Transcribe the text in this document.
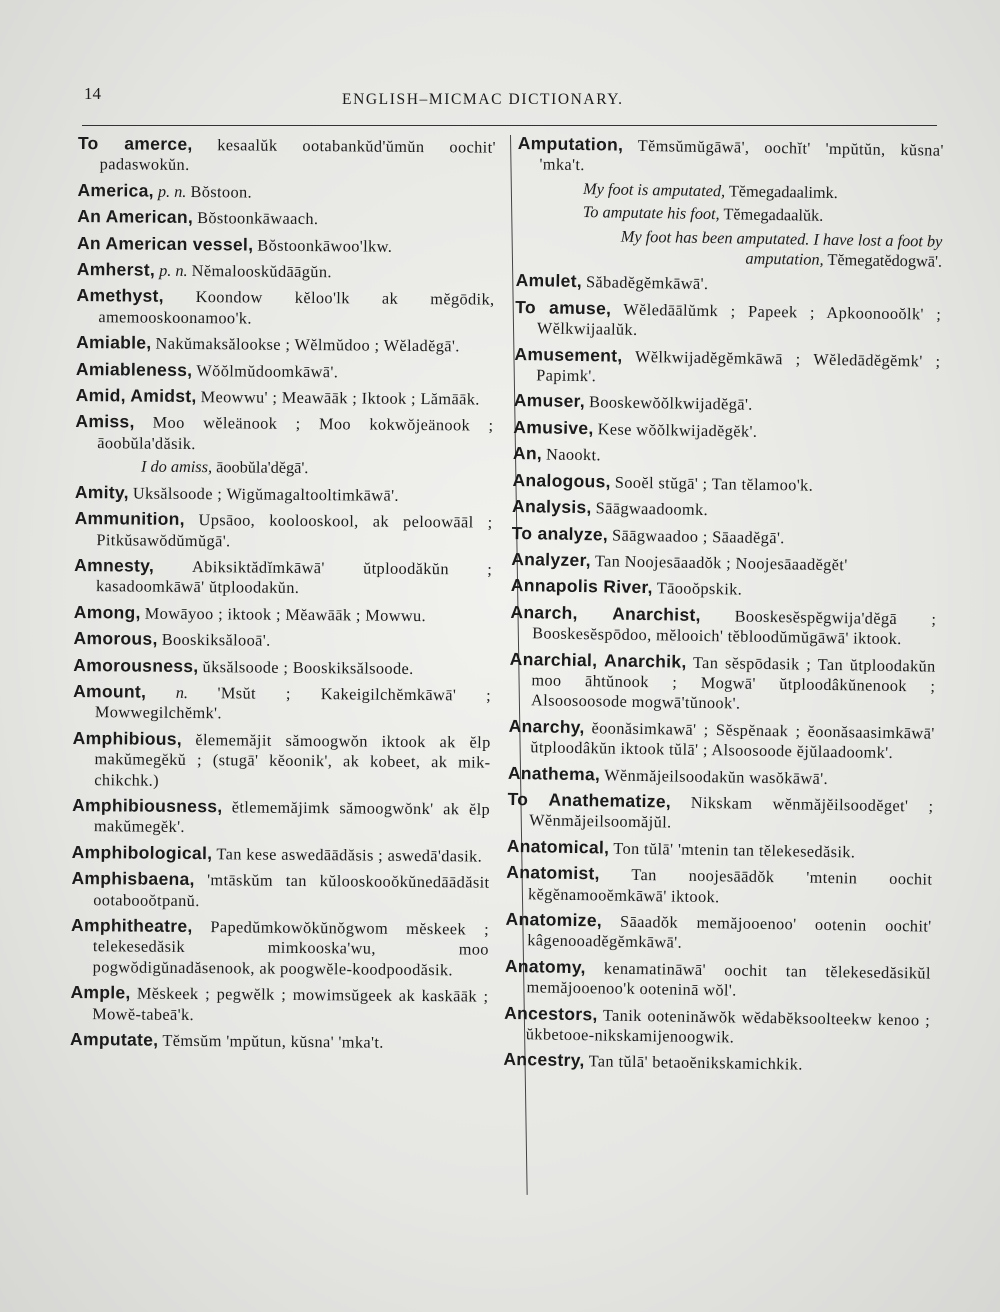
14	ENGLISH–MICMAC DICTIONARY.
To amerce, kesaalŭk ootabankŭd'ŭmŭn oochit' padaswokŭn.
America, p. n. Bŏstoon.
An American, Bŏstoonkāwaach.
An American vessel, Bŏstoonkāwoo'lkw.
Amherst, p. n. Nĕmalooskŭdāāgŭn.
Amethyst, Koondow kĕloo'lk ak mĕgōdik, amemooskoonamoo'k.
Amiable, Nakŭmaksălookse ; Wĕlmŭdoo ; Wĕladĕgā'.
Amiableness, Wŏŏlmŭdoomkāwā'.
Amid, Amidst, Meowwu' ; Meawāāk ; Iktook ; Lămāāk.
Amiss, Moo wĕleänook ; Moo kokwŏjeänook ; āoobŭla'dăsik.
I do amiss, āoobŭla'dĕgā'.
Amity, Uksălsoode ; Wigŭmagaltooltimkāwā'.
Ammunition, Upsāoo, koolooskool, ak peloowāāl ; Pitkŭsawŏdŭmŭgā'.
Amnesty, Abiksiktădĭmkāwā' ŭtploodăkŭn ; kasadoomkāwā' ŭtploodakŭn.
Among, Mowāyoo ; iktook ; Mĕawāāk ; Mowwu.
Amorous, Booskiksălooā'.
Amorousness, ŭksălsoode ; Booskiksălsoode.
Amount, n. 'Msŭt ; Kakeigilchĕmkāwā' ; Mowwegilchĕmk'.
Amphibious, ĕlememăjit sămoogwŏn iktook ak ĕlp makŭmegĕkŭ ; (stugā' kĕoonik', ak kobeet, ak mik-chikchk.)
Amphibiousness, ĕtlememăjimk sămoogwŏnk' ak ĕlp makŭmegĕk'.
Amphibological, Tan kese aswedāādăsis ; aswedā'dasik.
Amphisbaena, 'mtāskŭm tan kŭlooskooŏkŭnedāādăsit ootabooŏtpanŭ.
Amphitheatre, Papedŭmkowŏkŭnŏgwom mĕskeek ; telekesedăsik mimkooska'wu, moo pogwŏdigŭnadăsenook, ak poogwĕle-koodpoodăsik.
Ample, Mĕskeek ; pegwĕlk ; mowimsŭgeek ak kaskāāk ; Mowĕ-tabeā'k.
Amputate, Tĕmsŭm 'mpŭtun, kŭsna' 'mka't.
Amputation, Tĕmsŭmŭgāwā', oochĭt' 'mpŭtŭn, kŭsna' 'mka't.
My foot is amputated, Tĕmegadaalimk.
To amputate his foot, Tĕmegadaalŭk.
My foot has been amputated. I have lost a foot by amputation, Tĕmegatĕdogwā'.
Amulet, Săbadĕgĕmkāwā'.
To amuse, Wĕledāālŭmk ; Papeek ; Apkoonooŏlk' ; Wĕlkwijaalŭk.
Amusement, Wĕlkwijadĕgĕmkāwā ; Wĕledādĕgĕmk' ; Papimk'.
Amuser, Booskewŏŏlkwijadĕgā'.
Amusive, Kese wŏŏlkwijadĕgĕk'.
An, Naookt.
Analogous, Sooĕl stŭgā' ; Tan tĕlamoo'k.
Analysis, Sāāgwaadoomk.
To analyze, Sāāgwaadoo ; Sāaadĕgā'.
Analyzer, Tan Noojesāaadŏk ; Noojesāaadĕgĕt'
Annapolis River, Tāooŏpskik.
Anarch, Anarchist, Booskesĕspĕgwija'dĕgā ; Booskesĕspōdoo, mĕlooich' tĕbloodŭmŭgāwā' iktook.
Anarchial, Anarchik, Tan sĕspōdasik ; Tan ŭtploodakŭn moo āhtŭnook ; Mogwā' ŭtploodâkŭnenook ; Alsoosoosode mogwā'tŭnook'.
Anarchy, ĕoonăsimkawā' ; Sĕspĕnaak ; ĕoonăsaasimkāwā' ŭtploodâkŭn iktook tŭlā' ; Alsoosoode ĕjŭlaadoomk'.
Anathema, Wĕnmăjeilsoodakŭn wasŏkāwā'.
To Anathematize, Nikskam wĕnmăjĕilsoodĕget' ; Wĕnmăjeilsoomăjŭl.
Anatomical, Ton tŭlā' 'mtenin tan tĕlekesedăsik.
Anatomist, Tan noojesāādŏk 'mtenin oochit kĕgĕnamooĕmkāwā' iktook.
Anatomize, Sāaadŏk memăjooenoo' ootenin oochit' kâgenooadĕgĕmkāwā'.
Anatomy, kenamatināwā' oochit tan tĕlekesedăsikŭl memăjooenoo'k ooteninā wŏl'.
Ancestors, Tanik ooteninăwŏk wĕdabĕksoolteekw kenoo ; ŭkbetooe-nikskamijenoogwik.
Ancestry, Tan tŭlā' betaoĕnikskamichkik.
